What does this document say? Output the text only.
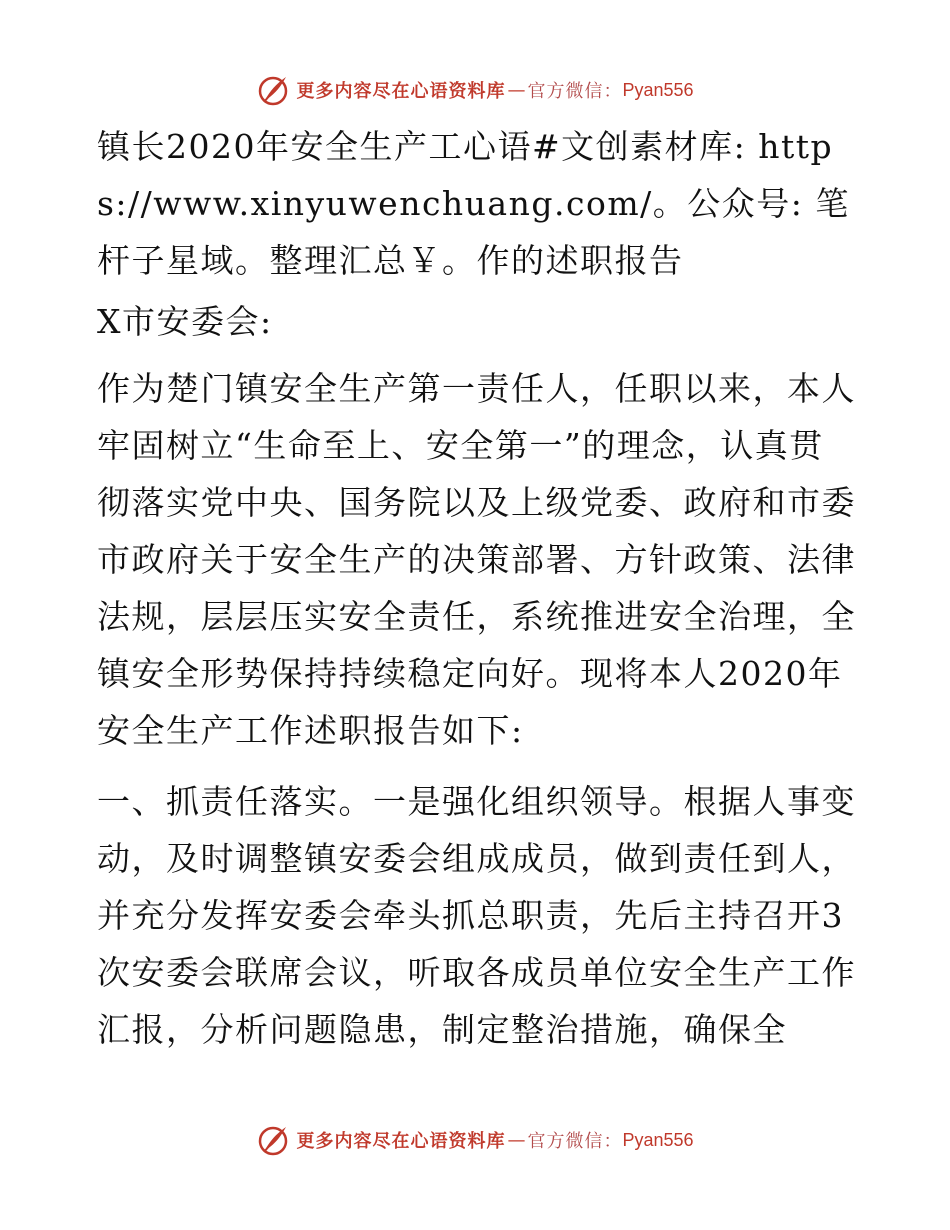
更多内容尽在心语资料库 — 官方微信： Pyan556

镇长2020年安全生产工心语#文创素材库: https://www.xinyuwenchuang.com/。公众号: 笔杆子星域。整理汇总￥。作的述职报告

X市安委会:

作为楚门镇安全生产第一责任人，任职以来，本人牢固树立“生命至上、安全第一”的理念，认真贯彻落实党中央、国务院以及上级党委、政府和市委市政府关于安全生产的决策部署、方针政策、法律法规，层层压实安全责任，系统推进安全治理，全镇安全形势保持持续稳定向好。现将本人2020年安全生产工作述职报告如下:

一、抓责任落实。一是强化组织领导。根据人事变动，及时调整镇安委会组成成员，做到责任到人，并充分发挥安委会牵头抓总职责，先后主持召开3次安委会联席会议，听取各成员单位安全生产工作汇报，分析问题隐患，制定整治措施，确保全

更多内容尽在心语资料库 — 官方微信： Pyan556
